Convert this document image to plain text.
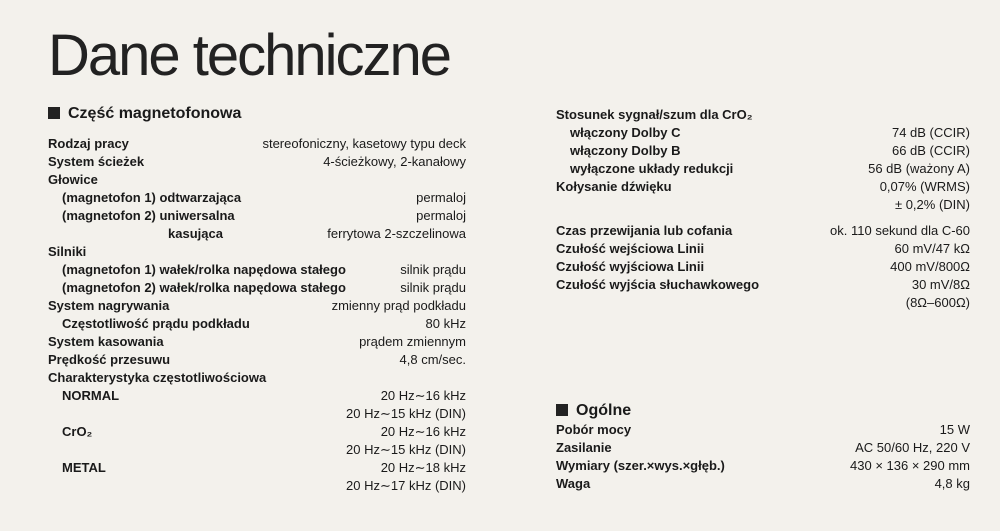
Dane techniczne
Część magnetofonowa
Rodzaj pracy	stereofoniczny, kasetowy typu deck
System ścieżek	4-ścieżkowy, 2-kanałowy
Głowice
(magnetofon 1) odtwarzająca	permaloj
(magnetofon 2) uniwersalna	permaloj
kasująca	ferrytowa 2-szczelinowa
Silniki
(magnetofon 1) wałek/rolka napędowa stałego	silnik prądu
(magnetofon 2) wałek/rolka napędowa stałego	silnik prądu
System nagrywania	zmienny prąd podkładu
Częstotliwość prądu podkładu	80 kHz
System kasowania	prądem zmiennym
Prędkość przesuwu	4,8 cm/sec.
Charakterystyka częstotliwościowa
NORMAL	20 Hz∼16 kHz
20 Hz∼15 kHz (DIN)
CrO₂	20 Hz∼16 kHz
20 Hz∼15 kHz (DIN)
METAL	20 Hz∼18 kHz
20 Hz∼17 kHz (DIN)
Stosunek sygnał/szum dla CrO₂
włączony Dolby C	74 dB (CCIR)
włączony Dolby B	66 dB (CCIR)
wyłączone układy redukcji	56 dB (ważony A)
Kołysanie dźwięku	0,07% (WRMS)
± 0,2% (DIN)
Czas przewijania lub cofania	ok. 110 sekund dla C-60
Czułość wejściowa Linii	60 mV/47 kΩ
Czułość wyjściowa Linii	400 mV/800Ω
Czułość wyjścia słuchawkowego	30 mV/8Ω
(8Ω–600Ω)
Ogólne
Pobór mocy	15 W
Zasilanie	AC 50/60 Hz, 220 V
Wymiary (szer.×wys.×głęb.)	430 × 136 × 290 mm
Waga	4,8 kg
